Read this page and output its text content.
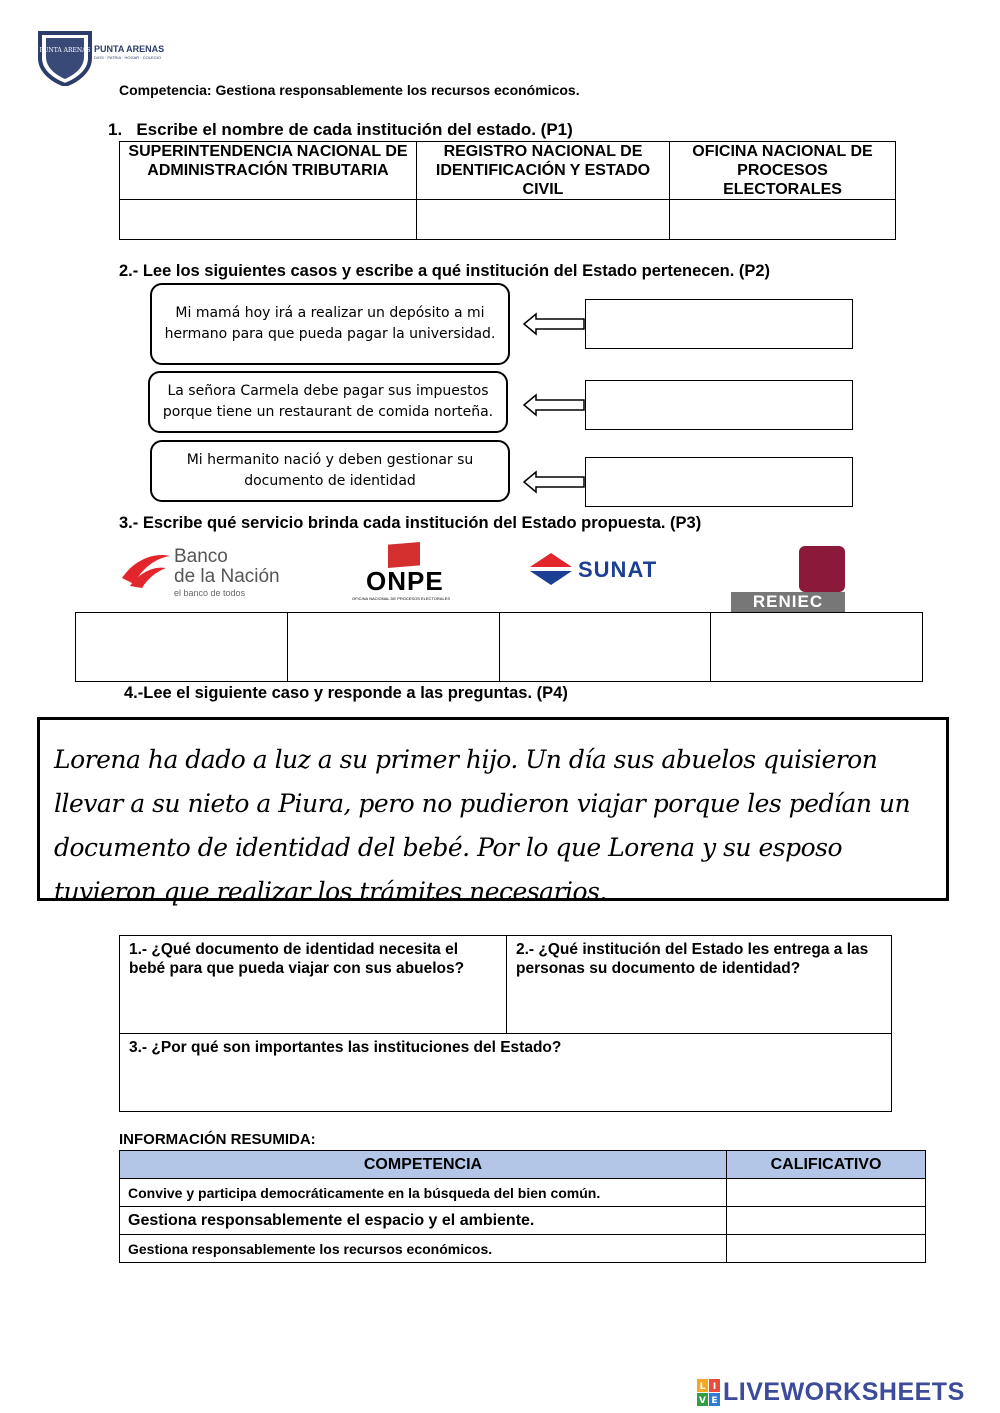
PUNTA ARENAS PUNTA ARENAS
DIOS · PATRIA · HOGAR · COLEGIO
Competencia: Gestiona responsablemente los recursos económicos.
1.   Escribe el nombre de cada institución del estado. (P1)
SUPERINTENDENCIA NACIONAL DE ADMINISTRACIÓN TRIBUTARIA	REGISTRO NACIONAL DE IDENTIFICACIÓN Y ESTADO CIVIL	OFICINA NACIONAL DE PROCESOS ELECTORALES

2.- Lee los siguientes casos y escribe a qué institución del Estado pertenecen. (P2)
Mi mamá hoy irá a realizar un depósito a mi hermano para que pueda pagar la universidad.
La señora Carmela debe pagar sus impuestos porque tiene un restaurant de comida norteña.
Mi hermanito nació y deben gestionar su documento de identidad
3.- Escribe qué servicio brinda cada institución del Estado propuesta. (P3)
Banco
de la Nación
el banco de todos	ONPE
OFICINA NACIONAL DE PROCESOS ELECTORALES
SUNAT
RENIEC

4.-Lee el siguiente caso y responde a las preguntas. (P4)
Lorena ha dado a luz a su primer hijo. Un día sus abuelos quisieron llevar a su nieto a Piura, pero no pudieron viajar porque les pedían un documento de identidad del bebé. Por lo que Lorena y su esposo tuvieron que realizar los trámites necesarios.
1.- ¿Qué documento de identidad necesita el bebé para que pueda viajar con sus abuelos?	2.- ¿Qué institución del Estado les entrega a las personas su documento de identidad?
3.- ¿Por qué son importantes las instituciones del Estado?
INFORMACIÓN RESUMIDA:
COMPETENCIA	CALIFICATIVO
Convive y participa democráticamente en la búsqueda del bien común.	
Gestiona responsablemente el espacio y el ambiente.	
Gestiona responsablemente los recursos económicos.	
L I
V E LIVEWORKSHEETS
